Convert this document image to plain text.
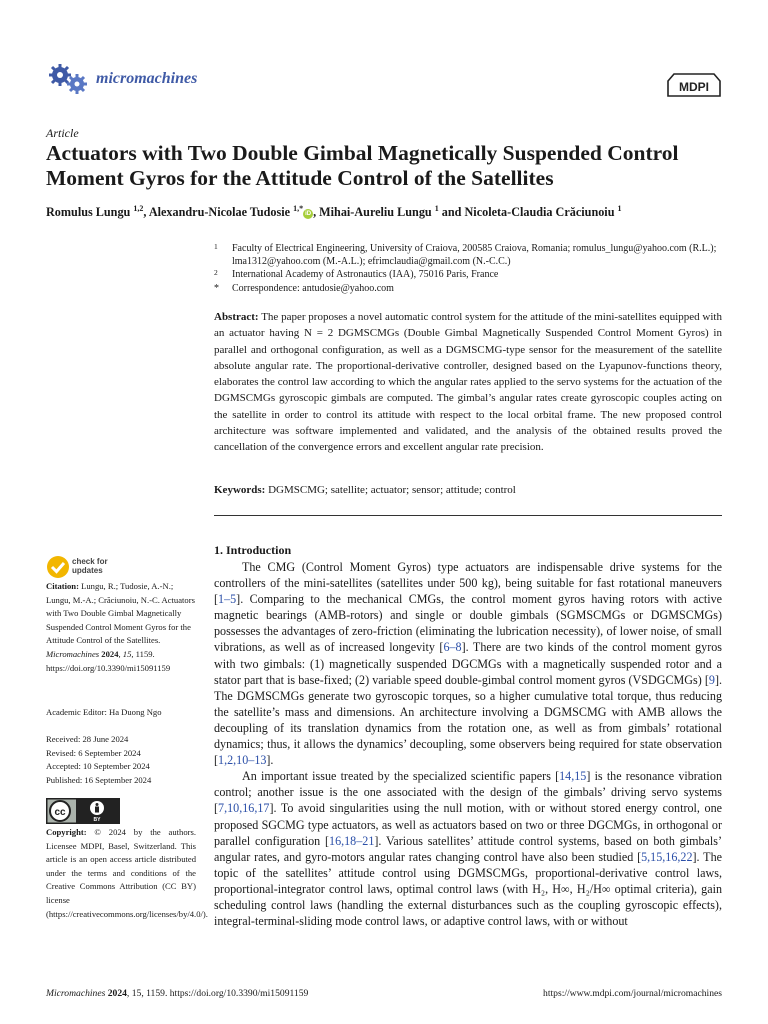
micromachines	MDPI
Article
Actuators with Two Double Gimbal Magnetically Suspended Control Moment Gyros for the Attitude Control of the Satellites
Romulus Lungu $^{1,2}$, Alexandru-Nicolae Tudosie $^{1,*}$iD , Mihai-Aureliu Lungu $^1$ and Nicoleta-Claudia Crăciunoiu $^1$
1	Faculty of Electrical Engineering, University of Craiova, 200585 Craiova, Romania; romulus_lungu@yahoo.com (R.L.); lma1312@yahoo.com (M.-A.L.); efrimclaudia@gmail.com (N.-C.C.)
2	International Academy of Astronautics (IAA), 75016 Paris, France
*	Correspondence: antudosie@yahoo.com
Abstract: The paper proposes a novel automatic control system for the attitude of the mini-satellites equipped with an actuator having N = 2 DGMSCMGs (Double Gimbal Magnetically Suspended Control Moment Gyros) in parallel and orthogonal configuration, as well as a DGMSCMG-type sensor for the measurement of the satellite absolute angular rate. The proportional-derivative controller, designed based on the Lyapunov-functions theory, elaborates the control law according to which the angular rates applied to the servo systems for the actuation of the DGMSCMGs gyroscopic gimbals are computed. The gimbal’s angular rates create gyroscopic couples acting on the satellite in order to control its attitude with respect to the local orbital frame. The new proposed control architecture was software implemented and validated, and the analysis of the obtained results proved the cancellation of the convergence errors and excellent angular rate precision.
Keywords: DGMSCMG; satellite; actuator; sensor; attitude; control
check for
updates
Citation: Lungu, R.; Tudosie, A.-N.; Lungu, M.-A.; Crăciunoiu, N.-C. Actuators with Two Double Gimbal Magnetically Suspended Control Moment Gyros for the Attitude Control of the Satellites. Micromachines 2024, 15, 1159. https://doi.org/10.3390/mi15091159
Academic Editor: Ha Duong Ngo
Received: 28 June 2024
Revised: 6 September 2024
Accepted: 10 September 2024
Published: 16 September 2024
cc
BY
Copyright: © 2024 by the authors. Licensee MDPI, Basel, Switzerland. This article is an open access article distributed under the terms and conditions of the Creative Commons Attribution (CC BY) license (https://creativecommons.org/licenses/by/4.0/).
1. Introduction

The CMG (Control Moment Gyros) type actuators are indispensable drive systems for the controllers of the mini-satellites (satellites under 500 kg), being suitable for fast rotational maneuvers [1–5]. Comparing to the mechanical CMGs, the control moment gyros having rotors with active magnetic bearings (AMB-rotors) and single or double gimbals (SGMSCMGs or DGMSCMGs) possesses the advantages of zero-friction (eliminating the lubrication necessity), of lower noise, of small vibrations, as well as of increased longevity [6–8]. There are two kinds of the control moment gyros with two gimbals: (1) magnetically suspended DGCMGs with a magnetically suspended rotor and a stator part that is base-fixed; (2) variable speed double-gimbal control moment gyros (VSDGCMGs) [9]. The DGMSCMGs generate two gyroscopic torques, so a higher cumulative total torque, thus reducing the satellite’s mass and dimensions. An architecture involving a DGMSCMG with AMB allows the decoupling of its translation dynamics from the rotation one, as well as from gimbals’ rotational dynamics; thus, it allows the dynamics’ decoupling, some observers being required for state observation [1,2,10–13].

An important issue treated by the specialized scientific papers [14,15] is the resonance vibration control; another issue is the one associated with the design of the gimbals’ driving servo systems [7,10,16,17]. To avoid singularities using the null motion, with or without stored energy control, one proposed SGCMG type actuators, as well as actuators based on two or three DGCMGs, in orthogonal or parallel configuration [16,18–21]. Various satellites’ attitude control systems, based on both gimbals’ angular rates, and gyro-motors angular rates changing control have also been studied [5,15,16,22]. The topic of the satellites’ attitude control using DGMSCMGs, proportional-derivative control laws, proportional-integrator control laws, optimal control laws (with H₂, H∞, H₂/H∞ optimal criteria), gain scheduling control laws (handling the external disturbances such as the coupling gyroscopic effects), integral-terminal-sliding mode control laws, or adaptive control laws, with or without

Micromachines 2024, 15, 1159. https://doi.org/10.3390/mi15091159	https://www.mdpi.com/journal/micromachines
